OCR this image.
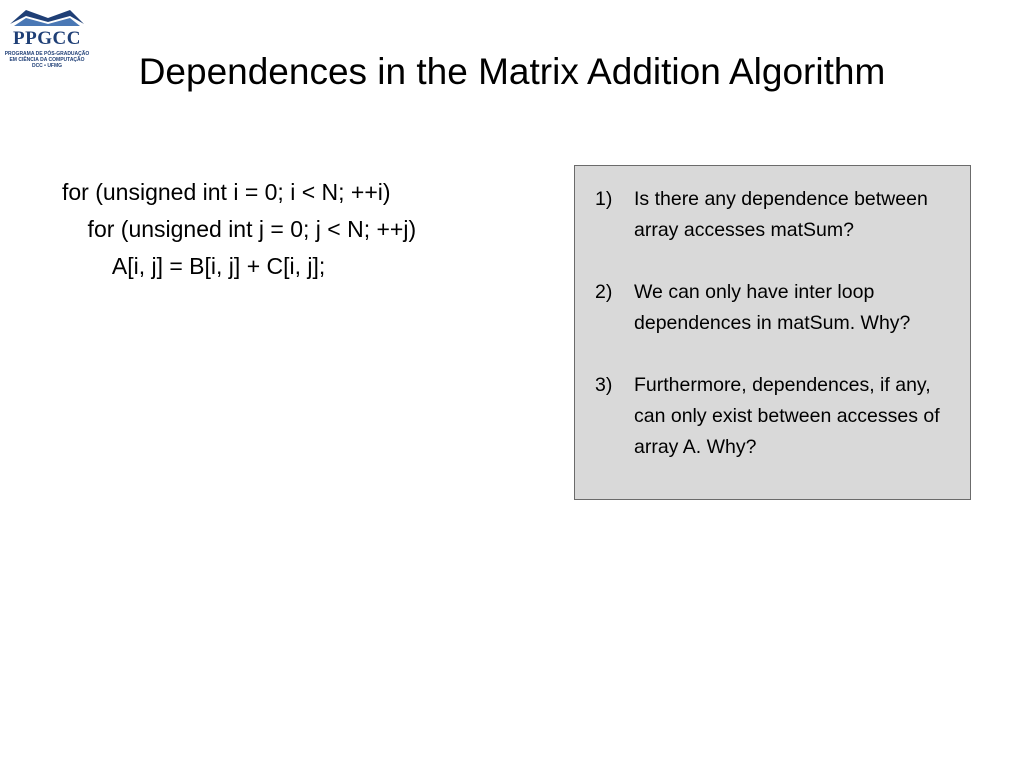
PPGCC
PROGRAMA DE PÓS-GRADUAÇÃO
EM CIÊNCIA DA COMPUTAÇÃO
DCC • UFMG	Dependences in the Matrix Addition Algorithm
for (unsigned int i = 0; i < N; ++i)
for (unsigned int j = 0; j < N; ++j)
A[i, j] = B[i, j] + C[i, j];
1) Is there any dependence between array accesses matSum?
2) We can only have inter loop dependences in matSum. Why?
3) Furthermore, dependences, if any, can only exist between accesses of array A. Why?
